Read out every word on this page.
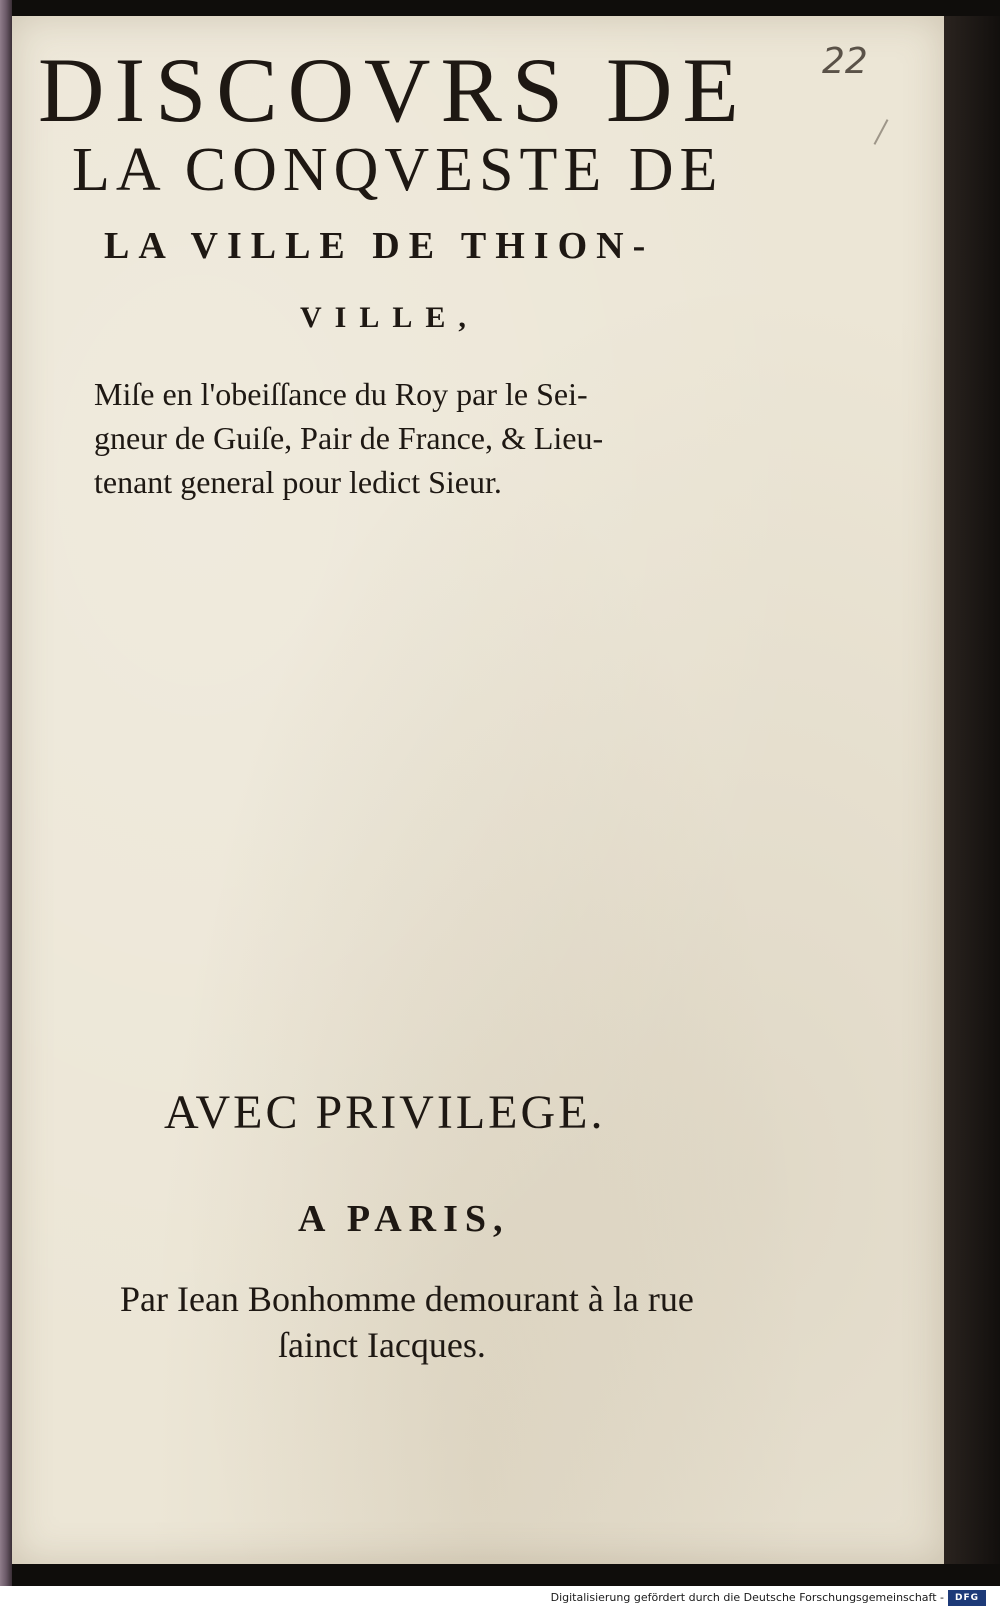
22

DISCOVRS DE

LA CONQVESTE DE

LA VILLE DE THION-

VILLE,

Miſe en l'obeiſſance du Roy par le Sei-
gneur de Guiſe, Pair de France, & Lieu-
tenant general pour ledict Sieur.

AVEC PRIVILEGE.

A PARIS,

Par Iean Bonhomme demourant à la rue

ſainct Iacques.

Digitalisierung gefördert durch die Deutsche Forschungsgemeinschaft -	DFG
